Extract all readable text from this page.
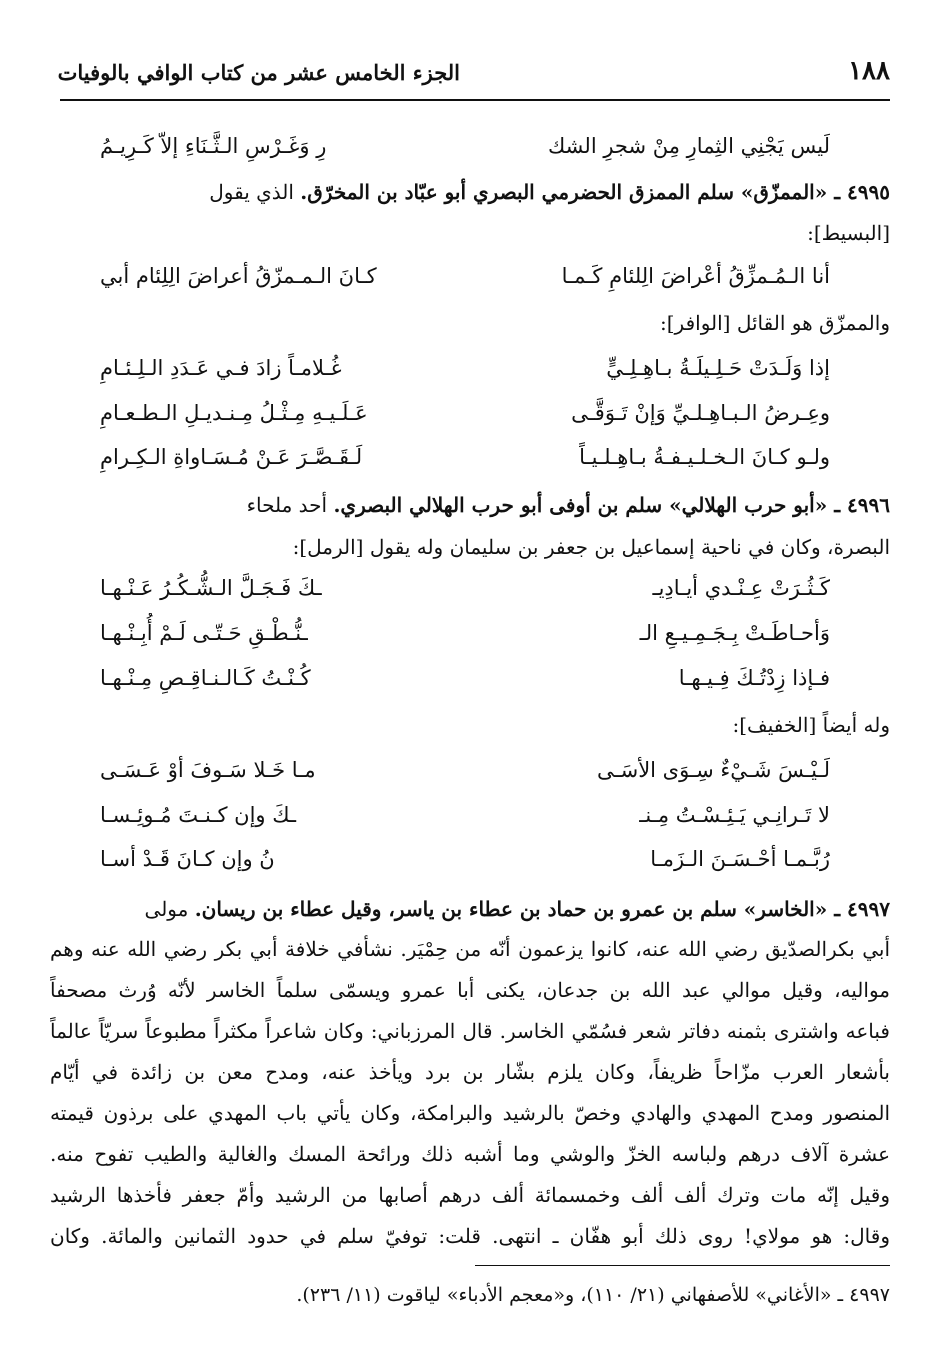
الجزء الخامس عشر من كتاب الوافي بالوفيات	١٨٨
لَيس يَجْنِي الثِمارِ مِنْ شجرِ الشك
رِ وَغَـرْسِ الـثَّـنَاءِ إلاّ كَـرِيـمُ
٤٩٩٥ ـ «الممزّق» سلم الممزق الحضرمي البصري أبو عبّاد بن المخرّق. الذي يقول
[البسيط]:
أنا الـمُـمزِّقُ أعْراضَ الِلئامِ كَـمـا
كـانَ الـمـمزّقُ أعراضَ الِلِئام أبي
والممزّق هو القائل [الوافر]:
إذا وَلَـدَتْ حَـلِـيلَـةُ بـاهِـلِـيٍّ
غُـلامـاً زادَ فـي عَـدَدِ الـلِـئـامِ
وعِـرضُ الـبـاهِـلـيِّ وَإنْ تَـوَقَّـى
عَـلَـيـهِ مِـثْـلُ مِـنـديـلِ الـطـعـامِ
ولـو كـانَ الـخـلـيـفـةُ بـاهِـلـيـاً
لَـقَـصَّـرَ عَـنْ مُـسَـاواةِ الـكِـرامِ
٤٩٩٦ ـ «أبو حرب الهلالي» سلم بن أوفى أبو حرب الهلالي البصري. أحد ملحاء
البصرة، وكان في ناحية إسماعيل بن جعفر بن سليمان وله يقول [الرمل]:
كَـثُـرَتْ عِـنْـدي أيـادِيـ
ـكَ فَـجَـلَّ الـشُّـكُـرُ عَـنْـهـا
وَأحـاطَـتْ بِـجَـمِـيـعِ الـ
ـنُّـطْـقِ حَـتّـى لَـمْ أُبِـنْـهـا
فـإذا زِدْتُـكَ فِـيـهـا
كُـنْـتُ كَـالـنـاقِـصِ مِـنْـهـا
وله أيضاً [الخفيف]:
لَـيْـسَ شَـيْءٌ سِـوَى الأسَـى
مـا خَـلا سَـوفَ أوْ عَـسَـى
لا تَـرانِـي يَـئِـسْـتُ مِـنـ
ـكَ وإن كـنـتَ مُـوئِـسـا
رُبَّـمـا أحْـسَـنَ الـزَمـا
نُ وإن كـانَ قَـدْ أسـا
٤٩٩٧ ـ «الخاسر» سلم بن عمرو بن حماد بن عطاء بن ياسر، وقيل عطاء بن ريسان. مولى
أبي بكرالصدّيق رضي الله عنه، كانوا يزعمون أنّه من حِمْيَر. نشأفي خلافة أبي بكر رضي الله عنه وهم
مواليه، وقيل موالي عبد الله بن جدعان، يكنى أبا عمرو ويسمّى سلماً الخاسر لأنّه وُرث مصحفاً
فباعه واشترى بثمنه دفاتر شعر فسُمّي الخاسر. قال المرزباني: وكان شاعراً مكثراً مطبوعاً سريّاً عالماً
بأشعار العرب مزّاحاً ظريفاً، وكان يلزم بشّار بن برد ويأخذ عنه، ومدح معن بن زائدة في أيّام
المنصور ومدح المهدي والهادي وخصّ بالرشيد والبرامكة، وكان يأتي باب المهدي على برذون قيمته
عشرة آلاف درهم ولباسه الخزّ والوشي وما أشبه ذلك ورائحة المسك والغالية والطيب تفوح منه.
وقيل إنّه مات وترك ألف ألف وخمسمائة ألف درهم أصابها من الرشيد وأمّ جعفر فأخذها الرشيد
وقال: هو مولاي! روى ذلك أبو هفّان ـ انتهى. قلت: توفيّ سلم في حدود الثمانين والمائة. وكان
٤٩٩٧ ـ «الأغاني» للأصفهاني (٢١/ ١١٠)، و«معجم الأدباء» لياقوت (١١/ ٢٣٦).
